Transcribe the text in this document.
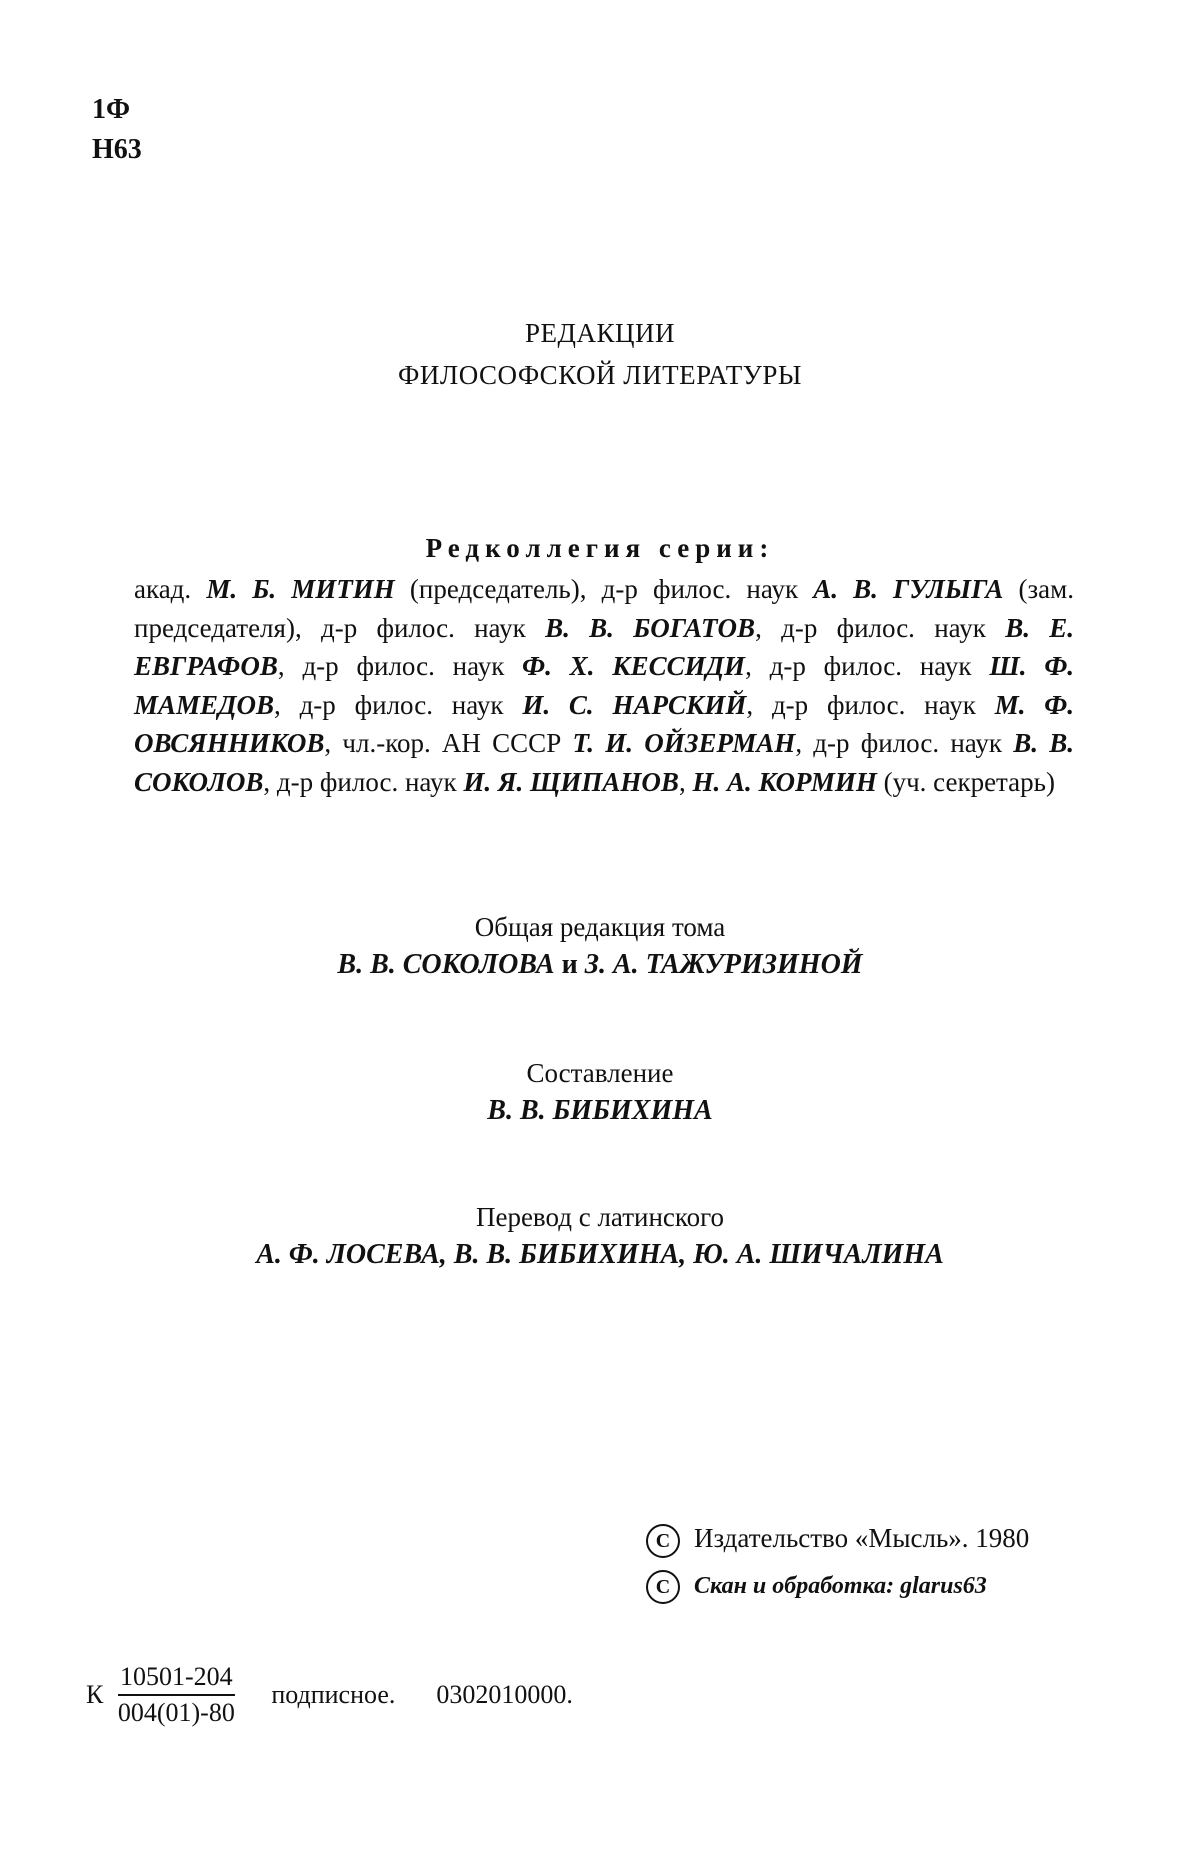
1Ф
Н63
РЕДАКЦИИ
ФИЛОСОФСКОЙ ЛИТЕРАТУРЫ
Редколлегия серии:
акад. М. Б. МИТИН (председатель), д-р филос. наук А. В. ГУЛЫГА (зам. председателя), д-р филос. наук В. В. БОГАТОВ, д-р филос. наук В. Е. ЕВГРАФОВ, д-р филос. наук Ф. Х. КЕССИДИ, д-р филос. наук Ш. Ф. МАМЕДОВ, д-р филос. наук И. С. НАРСКИЙ, д-р филос. наук М. Ф. ОВСЯННИКОВ, чл.-кор. АН СССР Т. И. ОЙЗЕРМАН, д-р филос. наук В. В. СОКОЛОВ, д-р филос. наук И. Я. ЩИПАНОВ, Н. А. КОРМИН (уч. секретарь)
Общая редакция тома
В. В. СОКОЛОВА и З. А. ТАЖУРИЗИНОЙ
Составление
В. В. БИБИХИНА
Перевод с латинского
А. Ф. ЛОСЕВА, В. В. БИБИХИНА, Ю. А. ШИЧАЛИНА
C Издательство «Мысль». 1980
C Скан и обработка: glarus63
К $\frac{10501-204}{004(01)-80}$ подписное. 0302010000.
